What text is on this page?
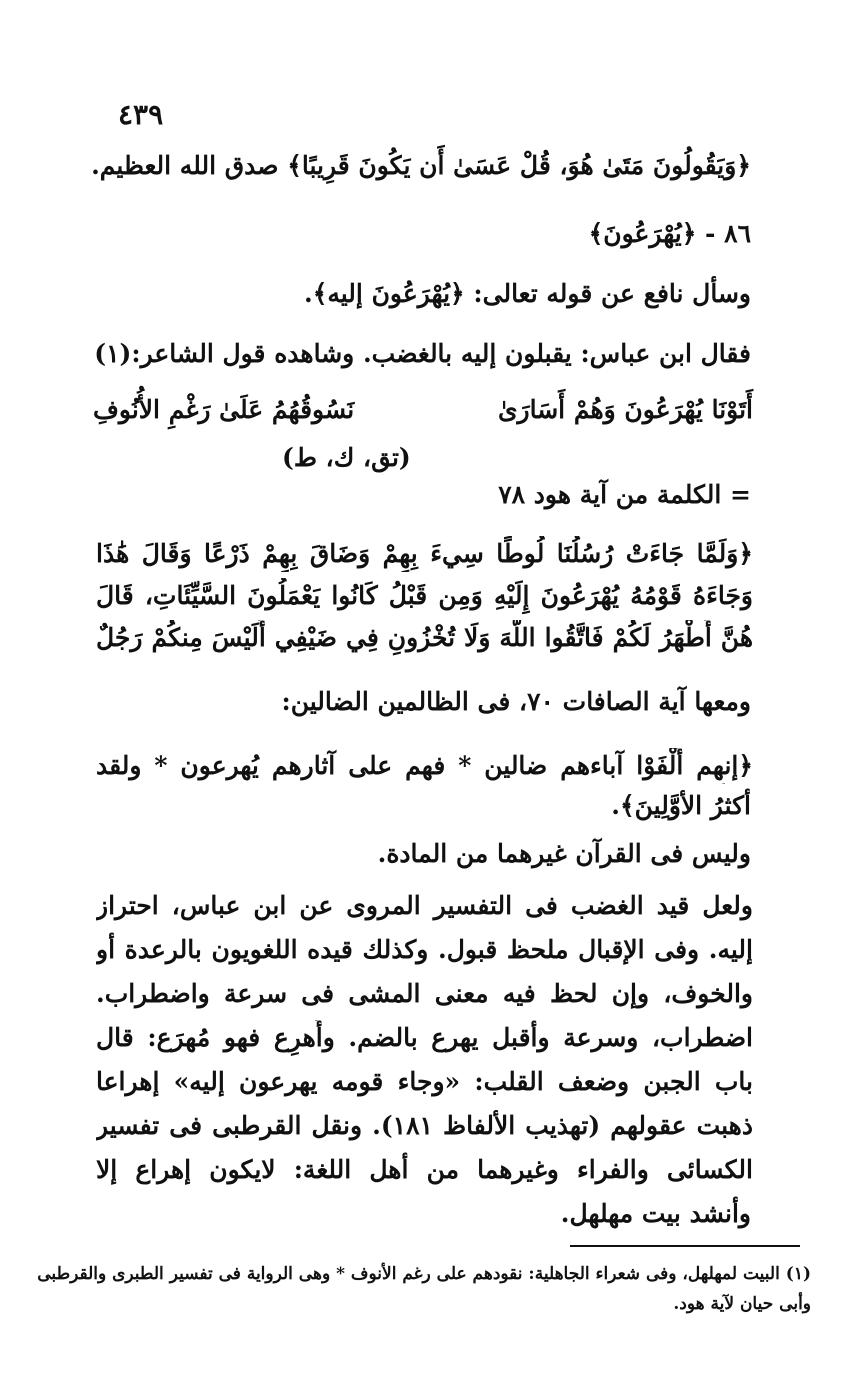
٤٣٩
﴿وَيَقُولُونَ مَتَىٰ هُوَ، قُلْ عَسَىٰ أَن يَكُونَ قَرِيبًا﴾ صدق الله العظيم.
٨٦ - ﴿يُهْرَعُونَ﴾
وسأل نافع عن قوله تعالى: ﴿يُهْرَعُونَ إليه﴾.
فقال ابن عباس: يقبلون إليه بالغضب. وشاهده قول الشاعر:(١)
أَتَوْنَا يُهْرَعُونَ وَهُمْ أَسَارَىٰ
نَسُوقُهُمُ عَلَىٰ رَغْمِ الأُنُوفِ
(تق، ك، ط)
= الكلمة من آية هود ٧٨
﴿وَلَمَّا جَاءَتْ رُسُلُنَا لُوطًا سِيءَ بِهِمْ وَضَاقَ بِهِمْ ذَرْعًا وَقَالَ هَٰذَا
وَجَاءَهُ قَوْمُهُ يُهْرَعُونَ إِلَيْهِ وَمِن قَبْلُ كَانُوا يَعْمَلُونَ السَّيِّئَاتِ، قَالَ
هُنَّ أَطْهَرُ لَكُمْ فَاتَّقُوا اللَّهَ وَلَا تُخْزُونِ فِي ضَيْفِي أَلَيْسَ مِنكُمْ رَجُلٌ
ومعها آية الصافات ٧٠، فى الظالمين الضالين:
﴿إنهم أَلْفَوْا آباءهم ضالين * فهم على آثارهم يُهرعون * ولقد
أكثرُ الأوَّلِينَ﴾.
وليس فى القرآن غيرهما من المادة.
ولعل قيد الغضب فى التفسير المروى عن ابن عباس، احتراز
إليه. وفى الإقبال ملحظ قبول. وكذلك قيده اللغويون بالرعدة أو
والخوف، وإن لحظ فيه معنى المشى فى سرعة واضطراب.
اضطراب، وسرعة وأقبل يهرع بالضم. وأُهرِع فهو مُهرَع: قال
باب الجبن وضعف القلب: «وجاء قومه يهرعون إليه» إهراعا
ذهبت عقولهم (تهذيب الألفاظ ١٨١). ونقل القرطبى فى تفسير
الكسائى والفراء وغيرهما من أهل اللغة: لايكون إهراع إلا
وأنشد بيت مهلهل.
(١) البيت لمهلهل، وفى شعراء الجاهلية: نقودهم على رغم الأنوف * وهى الرواية فى تفسير الطبرى والقرطبى
وأبى حيان لآية هود.
